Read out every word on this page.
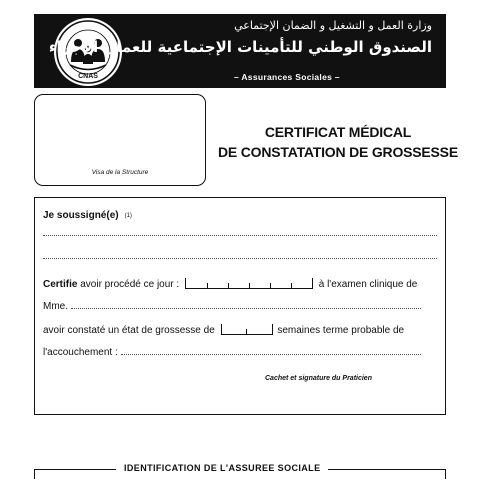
CNAS
وزارة العمل و التشغيل و الضمان الإجتماعي
الصندوق الوطني للتأمينات الإجتماعية للعمال الأجراء
– Assurances Sociales –
Visa de la Structure
CERTIFICAT MÉDICAL
DE CONSTATATION DE GROSSESSE
Je soussigné(e) $^{(1)}$
Certifie avoir procédé ce jour :	à l'examen clinique de
Mme.
avoir constaté un état de grossesse de	semaines terme probable de
l'accouchement :
Cachet et signature du Praticien
IDENTIFICATION DE L'ASSUREE SOCIALE
